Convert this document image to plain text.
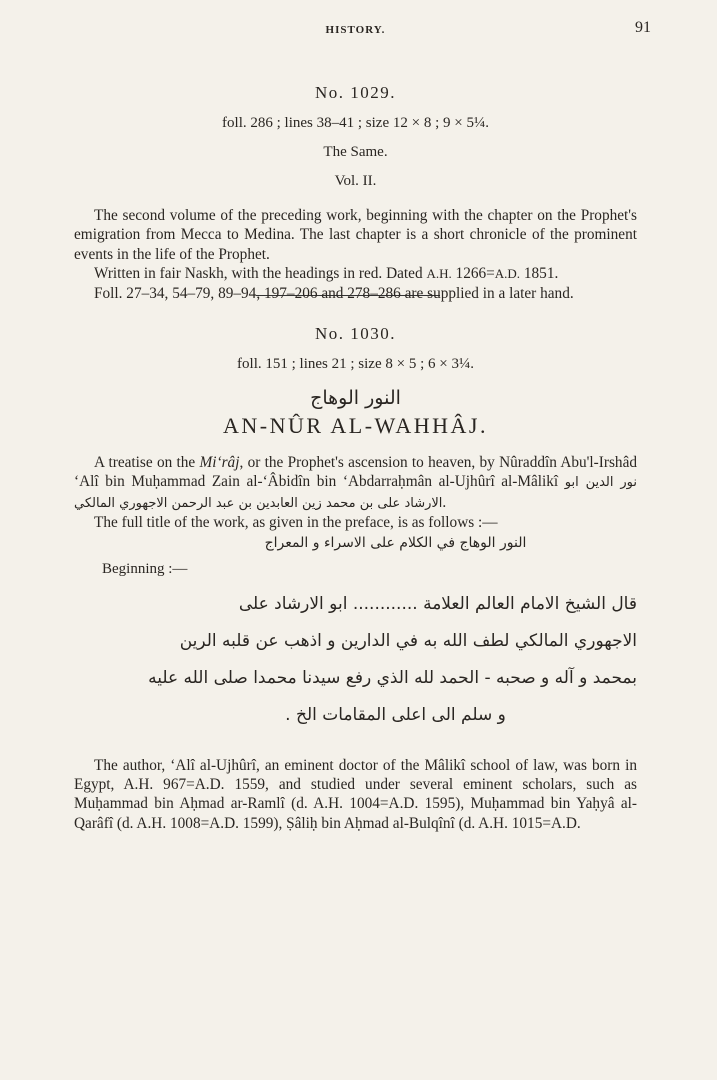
HISTORY.	91
No. 1029.
foll. 286 ; lines 38–41 ; size 12 × 8 ; 9 × 5¼.
The Same.
Vol. II.

The second volume of the preceding work, beginning with the chapter on the Prophet's emigration from Mecca to Medina. The last chapter is a short chronicle of the prominent events in the life of the Prophet.

Written in fair Naskh, with the headings in red. Dated A.H. 1266=A.D. 1851.

Foll. 27–34, 54–79, 89–94, 197–206 and 278–286 are supplied in a later hand.

No. 1030.
foll. 151 ; lines 21 ; size 8 × 5 ; 6 × 3¼.
النور الوهاج
AN-NÛR AL-WAHHÂJ.

A treatise on the Mi‘râj, or the Prophet's ascension to heaven, by Nûraddîn Abu'l-Irshâd ‘Alî bin Muḥammad Zain al-‘Âbidîn bin ‘Abdarraḥmân al-Ujhûrî al-Mâlikî نور الدين ابو الارشاد على بن محمد زين العابدين بن عبد الرحمن الاجهوري المالكي.

The full title of the work, as given in the preface, is as follows :—

النور الوهاج في الكلام على الاسراء و المعراج
Beginning :—
قال الشيخ الامام العالم العلامة ............ ابو الارشاد على
الاجهوري المالكي لطف الله به في الدارين و اذهب عن قلبه الرين
بمحمد و آله و صحبه - الحمد لله الذي رفع سيدنا محمدا صلى الله عليه
و سلم الى اعلى المقامات الخ .

The author, ‘Alî al-Ujhûrî, an eminent doctor of the Mâlikî school of law, was born in Egypt, A.H. 967=A.D. 1559, and studied under several eminent scholars, such as Muḥammad bin Aḥmad ar-Ramlî (d. A.H. 1004=A.D. 1595), Muḥammad bin Yaḥyâ al-Qarâfî (d. A.H. 1008=A.D. 1599), Ṣâliḥ bin Aḥmad al-Bulqînî (d. A.H. 1015=A.D.
